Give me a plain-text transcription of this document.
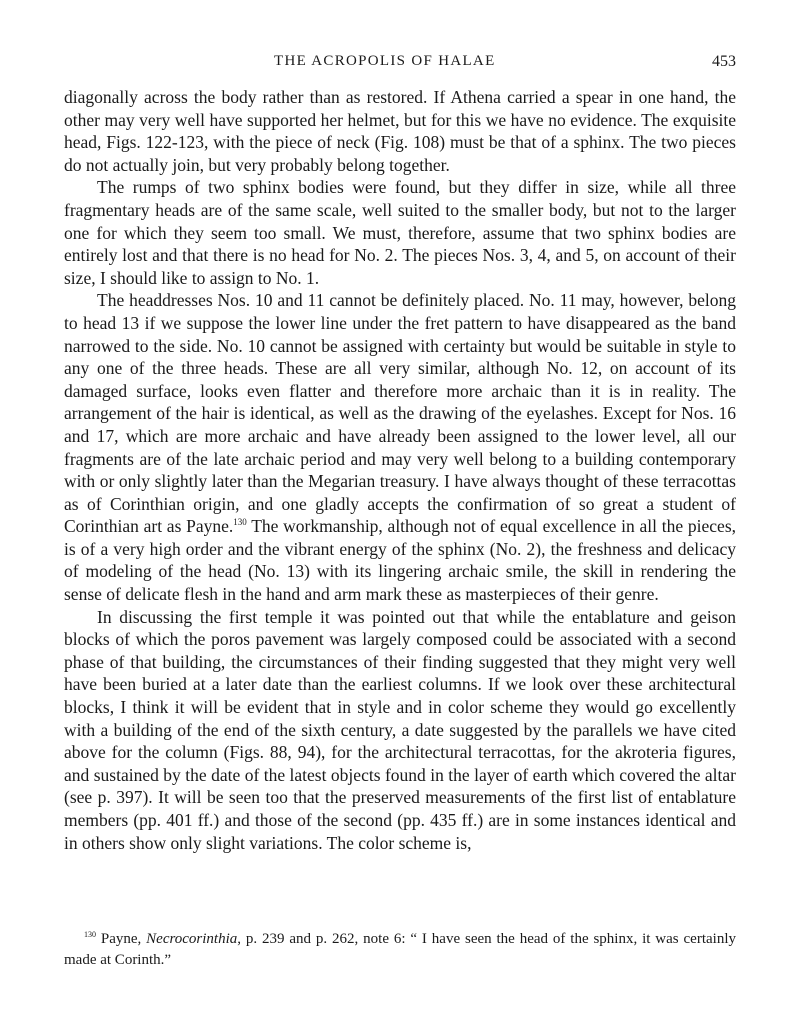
THE ACROPOLIS OF HALAE	453

diagonally across the body rather than as restored. If Athena carried a spear in one hand, the other may very well have supported her helmet, but for this we have no evidence. The exquisite head, Figs. 122-123, with the piece of neck (Fig. 108) must be that of a sphinx. The two pieces do not actually join, but very probably belong together.

The rumps of two sphinx bodies were found, but they differ in size, while all three fragmentary heads are of the same scale, well suited to the smaller body, but not to the larger one for which they seem too small. We must, therefore, assume that two sphinx bodies are entirely lost and that there is no head for No. 2. The pieces Nos. 3, 4, and 5, on account of their size, I should like to assign to No. 1.

The headdresses Nos. 10 and 11 cannot be definitely placed. No. 11 may, however, belong to head 13 if we suppose the lower line under the fret pattern to have disappeared as the band narrowed to the side. No. 10 cannot be assigned with certainty but would be suitable in style to any one of the three heads. These are all very similar, although No. 12, on account of its damaged surface, looks even flatter and therefore more archaic than it is in reality. The arrangement of the hair is identical, as well as the drawing of the eyelashes. Except for Nos. 16 and 17, which are more archaic and have already been assigned to the lower level, all our fragments are of the late archaic period and may very well belong to a building contemporary with or only slightly later than the Megarian treasury. I have always thought of these terracottas as of Corinthian origin, and one gladly accepts the confirmation of so great a student of Corinthian art as Payne.$^{130}$ The workmanship, although not of equal excellence in all the pieces, is of a very high order and the vibrant energy of the sphinx (No. 2), the freshness and delicacy of modeling of the head (No. 13) with its lingering archaic smile, the skill in rendering the sense of delicate flesh in the hand and arm mark these as masterpieces of their genre.

In discussing the first temple it was pointed out that while the entablature and geison blocks of which the poros pavement was largely composed could be associated with a second phase of that building, the circumstances of their finding suggested that they might very well have been buried at a later date than the earliest columns. If we look over these architectural blocks, I think it will be evident that in style and in color scheme they would go excellently with a building of the end of the sixth century, a date suggested by the parallels we have cited above for the column (Figs. 88, 94), for the architectural terracottas, for the akroteria figures, and sustained by the date of the latest objects found in the layer of earth which covered the altar (see p. 397). It will be seen too that the preserved measurements of the first list of entablature members (pp. 401 ff.) and those of the second (pp. 435 ff.) are in some instances identical and in others show only slight variations. The color scheme is,

$^{130}$ Payne, Necrocorinthia, p. 239 and p. 262, note 6: “ I have seen the head of the sphinx, it was certainly made at Corinth.”
